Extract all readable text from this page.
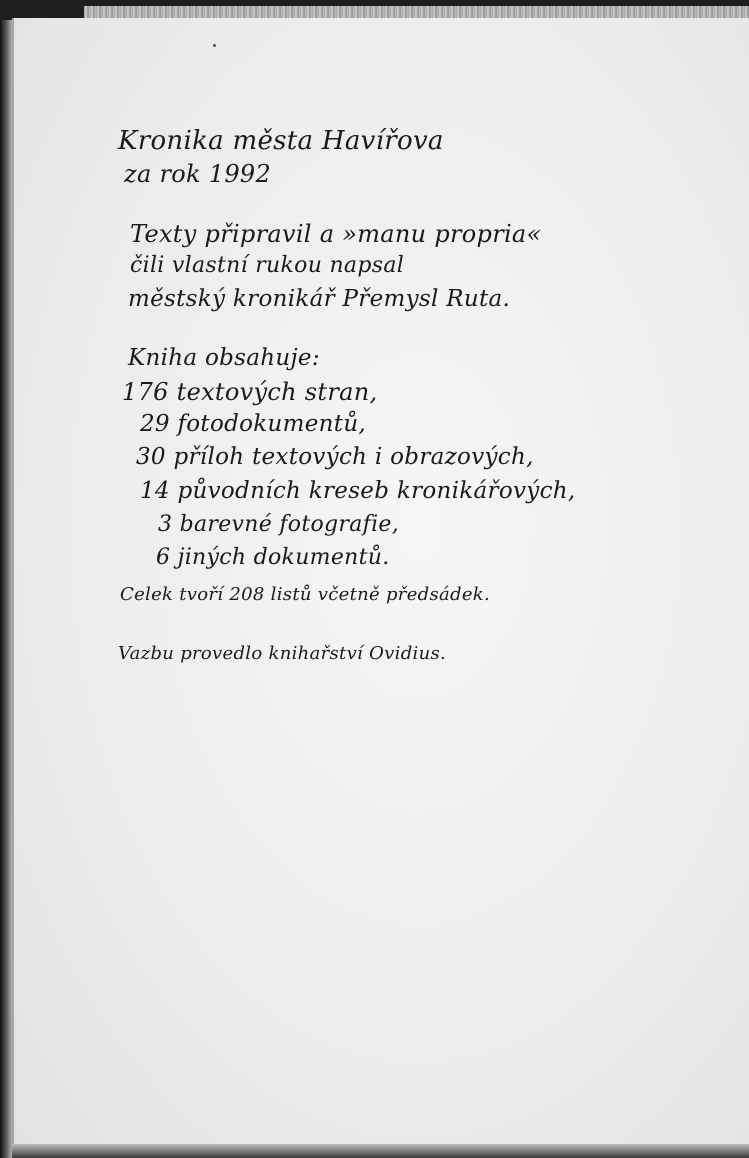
Kronika města Havířova
za rok 1992
Texty připravil a »manu propria«
čili vlastní rukou napsal
městský kronikář Přemysl Ruta.
Kniha obsahuje:
176 textových stran,
29 fotodokumentů,
30 příloh textových i obrazových,
14 původních kreseb kronikářových,
3 barevné fotografie,
6 jiných dokumentů.
Celek tvoří 208 listů včetně předsádek.
Vazbu provedlo knihařství Ovidius.
